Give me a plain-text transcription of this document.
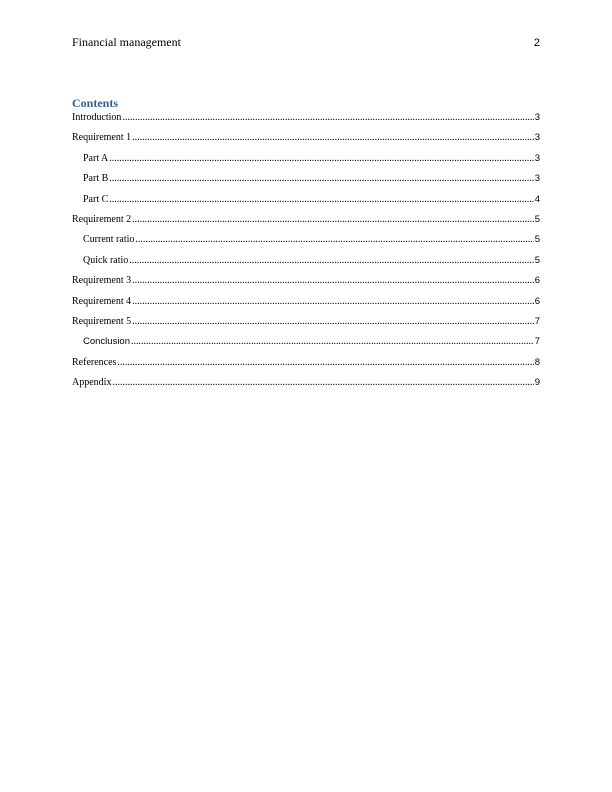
Financial management	2
Contents
Introduction .....	3
Requirement 1 .....	3
Part A .....	3
Part B .....	3
Part C .....	4
Requirement 2 .....	5
Current ratio .....	5
Quick ratio .....	5
Requirement 3 .....	6
Requirement 4 .....	6
Requirement 5 .....	7
Conclusion .....	7
References .....	8
Appendix .....	9
